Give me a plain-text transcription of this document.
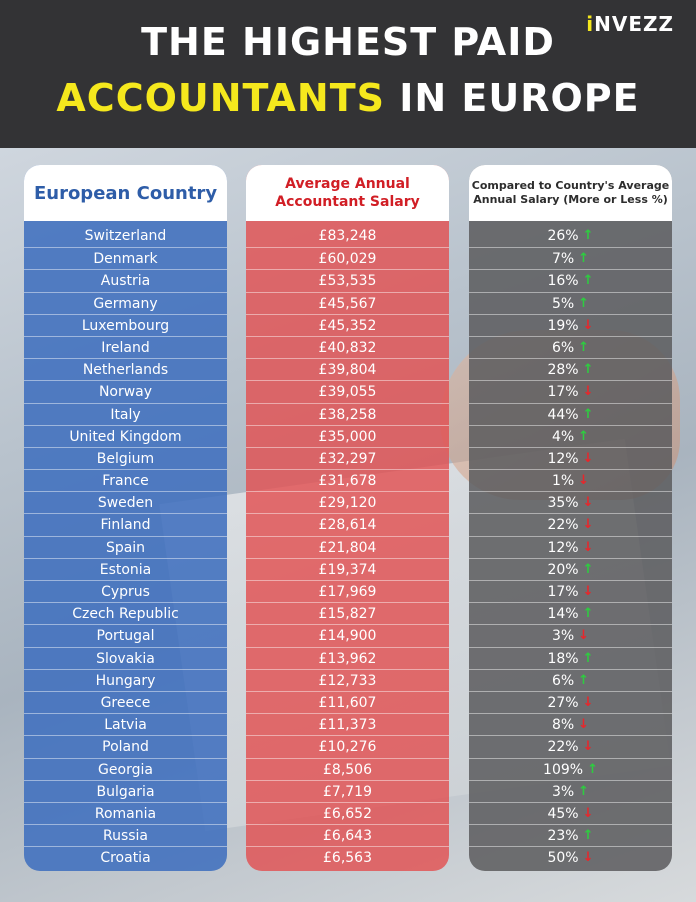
THE HIGHEST PAID
ACCOUNTANTS IN EUROPE
iNVEZZ
European Country
Switzerland
Denmark
Austria
Germany
Luxembourg
Ireland
Netherlands
Norway
Italy
United Kingdom
Belgium
France
Sweden
Finland
Spain
Estonia
Cyprus
Czech Republic
Portugal
Slovakia
Hungary
Greece
Latvia
Poland
Georgia
Bulgaria
Romania
Russia
Croatia
Average Annual Accountant Salary
£83,248
£60,029
£53,535
£45,567
£45,352
£40,832
£39,804
£39,055
£38,258
£35,000
£32,297
£31,678
£29,120
£28,614
£21,804
£19,374
£17,969
£15,827
£14,900
£13,962
£12,733
£11,607
£11,373
£10,276
£8,506
£7,719
£6,652
£6,643
£6,563
Compared to Country's Average Annual Salary (More or Less %)
26% ↑
7% ↑
16% ↑
5% ↑
19% ↓
6% ↑
28% ↑
17% ↓
44% ↑
4% ↑
12% ↓
1% ↓
35% ↓
22% ↓
12% ↓
20% ↑
17% ↓
14% ↑
3% ↓
18% ↑
6% ↑
27% ↓
8% ↓
22% ↓
109% ↑
3% ↑
45% ↓
23% ↑
50% ↓
